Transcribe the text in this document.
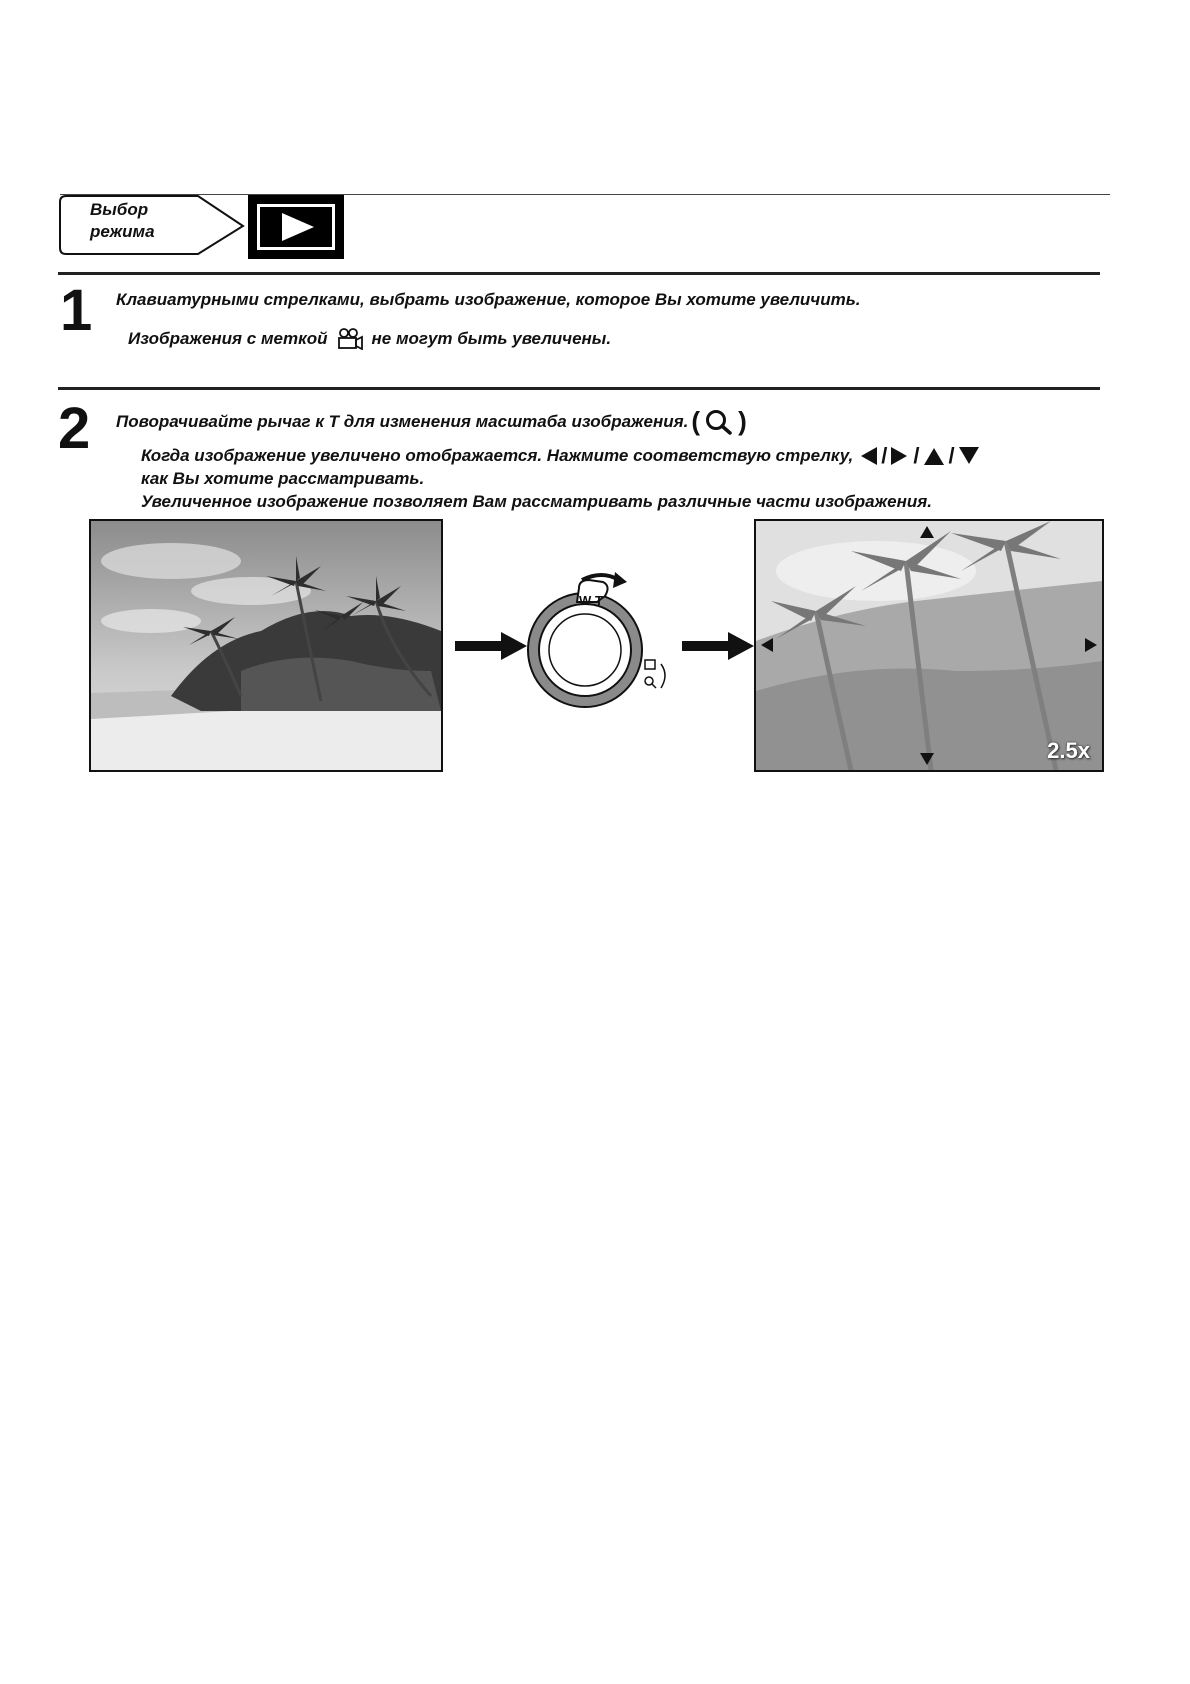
Выбор
режима
1 Клавиатурными стрелками, выбрать изображение, которое Вы хотите увеличить.
Изображения с меткой	не могут быть увеличены.
2 Поворачивайте рычаг к T для изменения масштаба изображения. ( )
Когда изображение увеличено отображается. Нажмите соответствую стрелку, / / /
как Вы хотите рассматривать.
Увеличенное изображение позволяет Вам рассматривать различные части изображения.
W T
2.5x
